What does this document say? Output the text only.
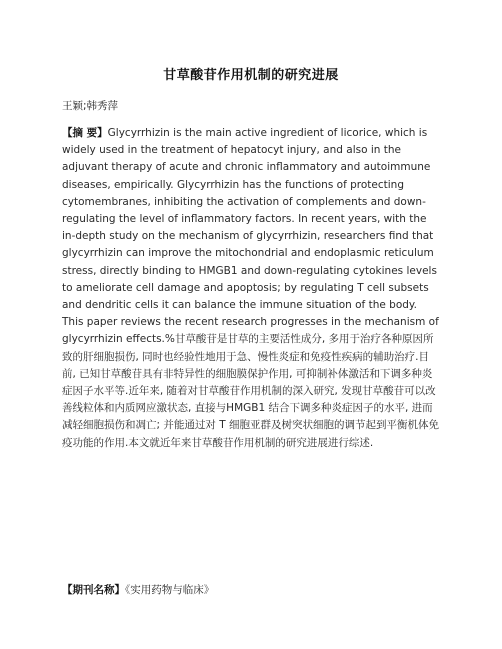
甘草酸苷作用机制的研究进展
王颖;韩秀萍

【摘 要】Glycyrrhizin is the main active ingredient of licorice, which is widely used in the treatment of hepatocyt injury, and also in the adjuvant therapy of acute and chronic inflammatory and autoimmune diseases, empirically. Glycyrrhizin has the functions of protecting cytomembranes, inhibiting the activation of complements and down-regulating the level of inflammatory factors. In recent years, with the in-depth study on the mechanism of glycyrrhizin, researchers find that glycyrrhizin can improve the mitochondrial and endoplasmic reticulum stress, directly binding to HMGB1 and down-regulating cytokines levels to ameliorate cell damage and apoptosis; by regulating T cell subsets and dendritic cells it can balance the immune situation of the body. This paper reviews the recent research progresses in the mechanism of glycyrrhizin effects.%甘草酸苷是甘草的主要活性成分, 多用于治疗各种原因所致的肝细胞损伤, 同时也经验性地用于急、慢性炎症和免疫性疾病的辅助治疗.目前, 已知甘草酸苷具有非特异性的细胞膜保护作用, 可抑制补体激活和下调多种炎症因子水平等.近年来, 随着对甘草酸苷作用机制的深入研究, 发现甘草酸苷可以改善线粒体和内质网应激状态, 直接与HMGB1 结合下调多种炎症因子的水平, 进而减轻细胞损伤和凋亡; 并能通过对 T 细胞亚群及树突状细胞的调节起到平衡机体免疫功能的作用.本文就近年来甘草酸苷作用机制的研究进展进行综述.

【期刊名称】《实用药物与临床》
